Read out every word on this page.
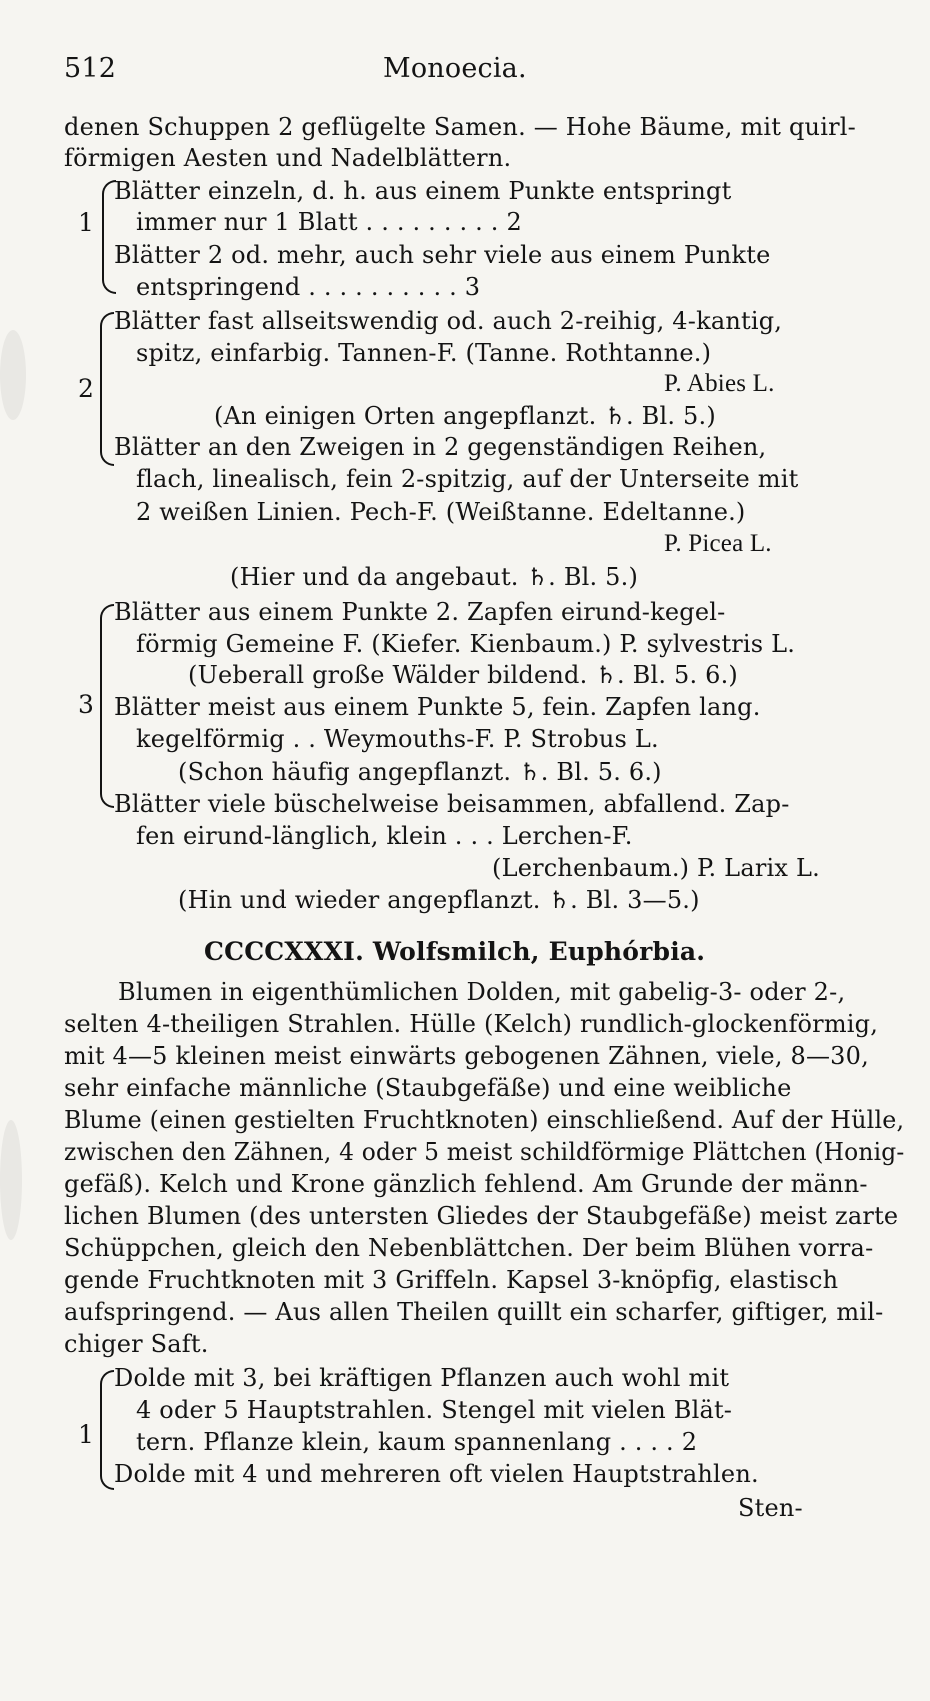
512	Monoecia.
denen Schuppen 2 geflügelte Samen. — Hohe Bäume, mit quirl-
förmigen Aesten und Nadelblättern.
1
Blätter einzeln, d. h. aus einem Punkte entspringt
immer nur 1 Blatt . . . . . . . . . 2
Blätter 2 od. mehr, auch sehr viele aus einem Punkte
entspringend . . . . . . . . . . 3
2
Blätter fast allseitswendig od. auch 2-reihig, 4-kantig,
spitz, einfarbig. Tannen-F. (Tanne. Rothtanne.)
P. Abies L.
(An einigen Orten angepflanzt. ♄. Bl. 5.)
Blätter an den Zweigen in 2 gegenständigen Reihen,
flach, linealisch, fein 2-spitzig, auf der Unterseite mit
2 weißen Linien. Pech-F. (Weißtanne. Edeltanne.)
P. Picea L.
(Hier und da angebaut. ♄. Bl. 5.)
3
Blätter aus einem Punkte 2. Zapfen eirund-kegel-
förmig Gemeine F. (Kiefer. Kienbaum.) P. sylvestris L.
(Ueberall große Wälder bildend. ♄. Bl. 5. 6.)
Blätter meist aus einem Punkte 5, fein. Zapfen lang.
kegelförmig . . Weymouths-F. P. Strobus L.
(Schon häufig angepflanzt. ♄. Bl. 5. 6.)
Blätter viele büschelweise beisammen, abfallend. Zap-
fen eirund-länglich, klein . . . Lerchen-F.
(Lerchenbaum.) P. Larix L.
(Hin und wieder angepflanzt. ♄. Bl. 3—5.)
CCCCXXXI. Wolfsmilch, Euphórbia.
Blumen in eigenthümlichen Dolden, mit gabelig-3- oder 2-,
selten 4-theiligen Strahlen. Hülle (Kelch) rundlich-glockenförmig,
mit 4—5 kleinen meist einwärts gebogenen Zähnen, viele, 8—30,
sehr einfache männliche (Staubgefäße) und eine weibliche
Blume (einen gestielten Fruchtknoten) einschließend. Auf der Hülle,
zwischen den Zähnen, 4 oder 5 meist schildförmige Plättchen (Honig-
gefäß). Kelch und Krone gänzlich fehlend. Am Grunde der männ-
lichen Blumen (des untersten Gliedes der Staubgefäße) meist zarte
Schüppchen, gleich den Nebenblättchen. Der beim Blühen vorra-
gende Fruchtknoten mit 3 Griffeln. Kapsel 3-knöpfig, elastisch
aufspringend. — Aus allen Theilen quillt ein scharfer, giftiger, mil-
chiger Saft.
1
Dolde mit 3, bei kräftigen Pflanzen auch wohl mit
4 oder 5 Hauptstrahlen. Stengel mit vielen Blät-
tern. Pflanze klein, kaum spannenlang . . . . 2
Dolde mit 4 und mehreren oft vielen Hauptstrahlen.
Sten-
